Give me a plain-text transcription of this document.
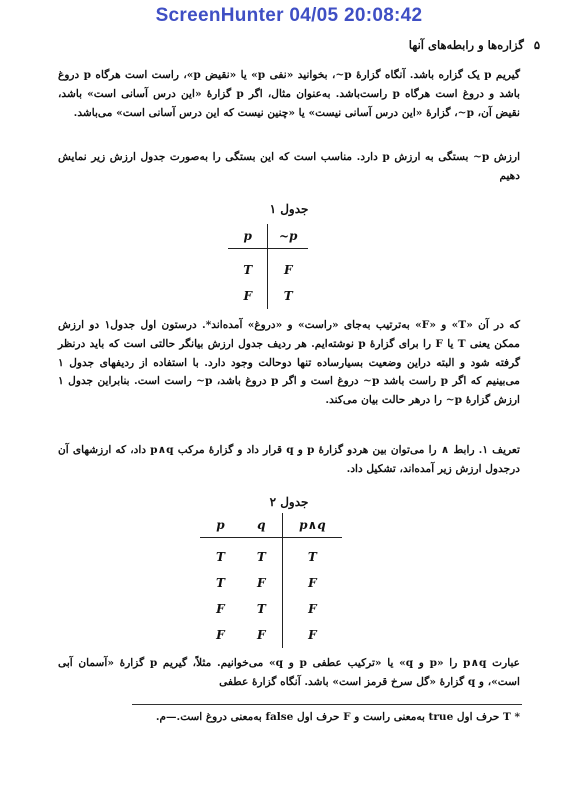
ScreenHunter 04/05 20:08:42
۵
گزاره‌ها و رابطه‌های آنها
گیریم p یک گزاره باشد. آنگاه گزارهٔ p~، بخوانید «نفی p» یا «نقیض p»، راست است هرگاه p دروغ باشد و دروغ است هرگاه p راست‌باشد. به‌عنوان مثال، اگر p گزارهٔ «این درس آسانی است» باشد، نقیض آن، p~، گزارهٔ «این درس آسانی نیست» یا «چنین نیست که این درس آسانی است» می‌باشد.
ارزش p~ بستگی به ارزش p دارد. مناسب است که این بستگی را به‌صورت جدول ارزش زیر نمایش دهیم
جدول ۱
p	~p
T	F
F	T
که در آن «T» و «F» به‌ترتیب به‌جای «راست» و «دروغ» آمده‌اند*. درستون اول جدول۱ دو ارزش ممکن یعنی T یا F را برای گزارهٔ p نوشته‌ایم. هر ردیف جدول ارزش بیانگر حالتی است که باید درنظر گرفته شود و البته دراین وضعیت بسیارساده تنها دوحالت وجود دارد. با استفاده از ردیفهای جدول ۱ می‌بینیم که اگر p راست باشد p~ دروغ است و اگر p دروغ باشد، p~ راست است. بنابراین جدول ۱ ارزش گزارهٔ p~ را درهر حالت بیان می‌کند.
تعریف ۱. رابط ∧ را می‌توان بین هردو گزارهٔ p و q قرار داد و گزارهٔ مرکب p∧q داد، که ارزشهای آن درجدول ارزش زیر آمده‌اند، تشکیل داد.
جدول ۲
p	q	p∧q
T	T	T
T	F	F
F	T	F
F	F	F
عبارت p∧q را «p و q» یا «ترکیب عطفی p و q» می‌خوانیم. مثلاً، گیریم p گزارهٔ «آسمان آبی است»، و q گزارهٔ «گل سرخ قرمز است» باشد. آنگاه گزارهٔ عطفی
* T حرف اول true به‌معنی راست و F حرف اول false به‌معنی دروغ است.—م.
